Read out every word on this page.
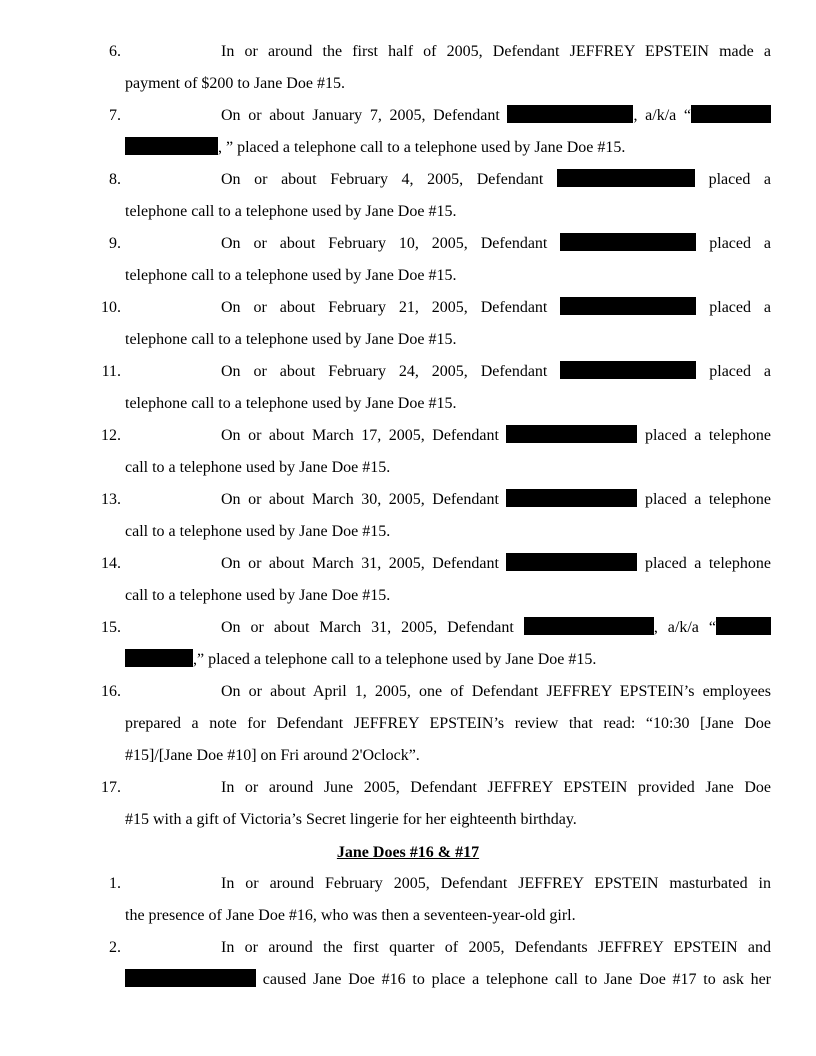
6.	In or around the first half of 2005, Defendant JEFFREY EPSTEIN made a
payment of $200 to Jane Doe #15.
7.	On or about January 7, 2005, Defendant	, a/k/a “
, ” placed a telephone call to a telephone used by Jane Doe #15.
8.	On or about February 4, 2005, Defendant	placed a
telephone call to a telephone used by Jane Doe #15.
9.	On or about February 10, 2005, Defendant	placed a
telephone call to a telephone used by Jane Doe #15.
10.	On or about February 21, 2005, Defendant	placed a
telephone call to a telephone used by Jane Doe #15.
11.	On or about February 24, 2005, Defendant	placed a
telephone call to a telephone used by Jane Doe #15.
12.	On or about March 17, 2005, Defendant	placed a telephone
call to a telephone used by Jane Doe #15.
13.	On or about March 30, 2005, Defendant	placed a telephone
call to a telephone used by Jane Doe #15.
14.	On or about March 31, 2005, Defendant	placed a telephone
call to a telephone used by Jane Doe #15.
15.	On or about March 31, 2005, Defendant	, a/k/a “
,” placed a telephone call to a telephone used by Jane Doe #15.
16.	On or about April 1, 2005, one of Defendant JEFFREY EPSTEIN’s employees
prepared a note for Defendant JEFFREY EPSTEIN’s review that read: “10:30 [Jane Doe
#15]/[Jane Doe #10] on Fri around 2'Oclock”.
17.	In or around June 2005, Defendant JEFFREY EPSTEIN provided Jane Doe
#15 with a gift of Victoria’s Secret lingerie for her eighteenth birthday.
Jane Does #16 & #17
1.	In or around February 2005, Defendant JEFFREY EPSTEIN masturbated in
the presence of Jane Doe #16, who was then a seventeen-year-old girl.
2.	In or around the first quarter of 2005, Defendants JEFFREY EPSTEIN and
caused Jane Doe #16 to place a telephone call to Jane Doe #17 to ask her
